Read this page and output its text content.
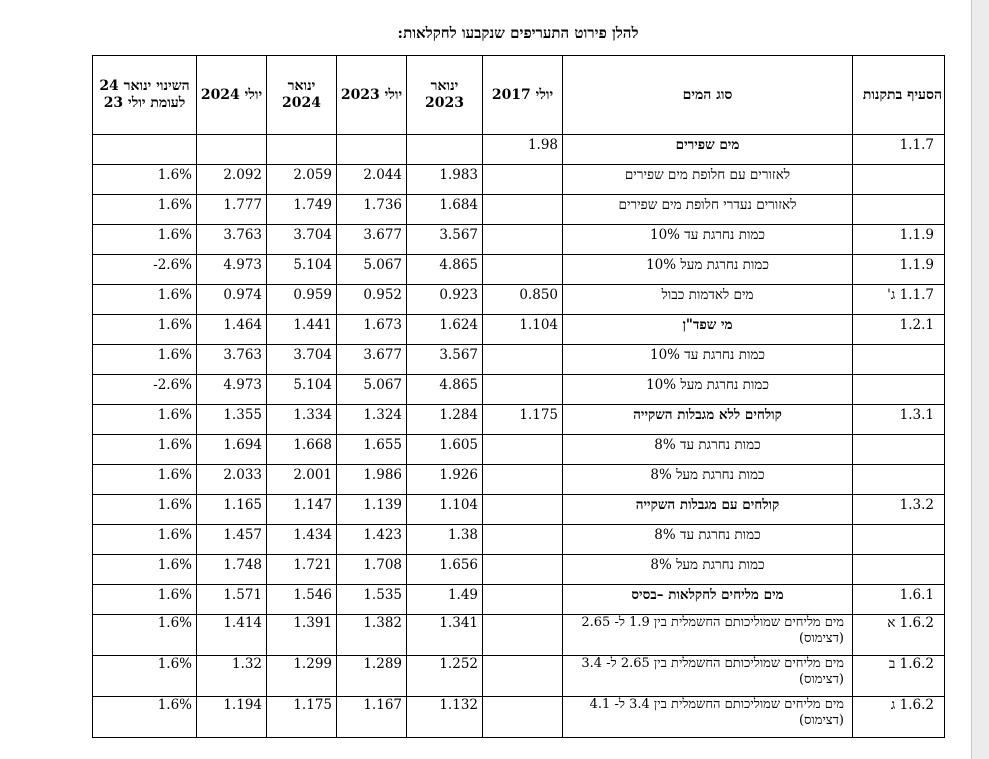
להלן פירוט התעריפים שנקבעו לחקלאות:
הסעיף בתקנות	סוג המים	יולי 2017	ינואר 2023	יולי 2023	ינואר 2024	יולי 2024	השינוי ינואר 24 לעומת יולי 23
1.1.7	מים שפירים	1.98					
	לאזורים עם חלופת מים שפירים		1.983	2.044	2.059	2.092	1.6%
	לאזורים נעדרי חלופת מים שפירים		1.684	1.736	1.749	1.777	1.6%
1.1.9	כמות נחרגת עד 10%		3.567	3.677	3.704	3.763	1.6%
1.1.9	כמות נחרגת מעל 10%		4.865	5.067	5.104	4.973	-2.6%
1.1.7 ג'	מים לאדמות כבול	0.850	0.923	0.952	0.959	0.974	1.6%
1.2.1	מי שפד"ן	1.104	1.624	1.673	1.441	1.464	1.6%
	כמות נחרגת עד 10%		3.567	3.677	3.704	3.763	1.6%
	כמות נחרגת מעל 10%		4.865	5.067	5.104	4.973	-2.6%
1.3.1	קולחים ללא מגבלות השקייה	1.175	1.284	1.324	1.334	1.355	1.6%
	כמות נחרגת עד 8%		1.605	1.655	1.668	1.694	1.6%
	כמות נחרגת מעל 8%		1.926	1.986	2.001	2.033	1.6%
1.3.2	קולחים עם מגבלות השקייה		1.104	1.139	1.147	1.165	1.6%
	כמות נחרגת עד 8%		1.38	1.423	1.434	1.457	1.6%
	כמות נחרגת מעל 8%		1.656	1.708	1.721	1.748	1.6%
1.6.1	מים מליחים לחקלאות –בסיס		1.49	1.535	1.546	1.571	1.6%
1.6.2 א	מים מליחים שמוליכותם החשמלית בין 1.9 ל- 2.65 (דצימוס)		1.341	1.382	1.391	1.414	1.6%
1.6.2 ב	מים מליחים שמוליכותם החשמלית בין 2.65 ל- 3.4 (דצימוס)		1.252	1.289	1.299	1.32	1.6%
1.6.2 ג	מים מליחים שמוליכותם החשמלית בין 3.4 ל- 4.1 (דצימוס)		1.132	1.167	1.175	1.194	1.6%
